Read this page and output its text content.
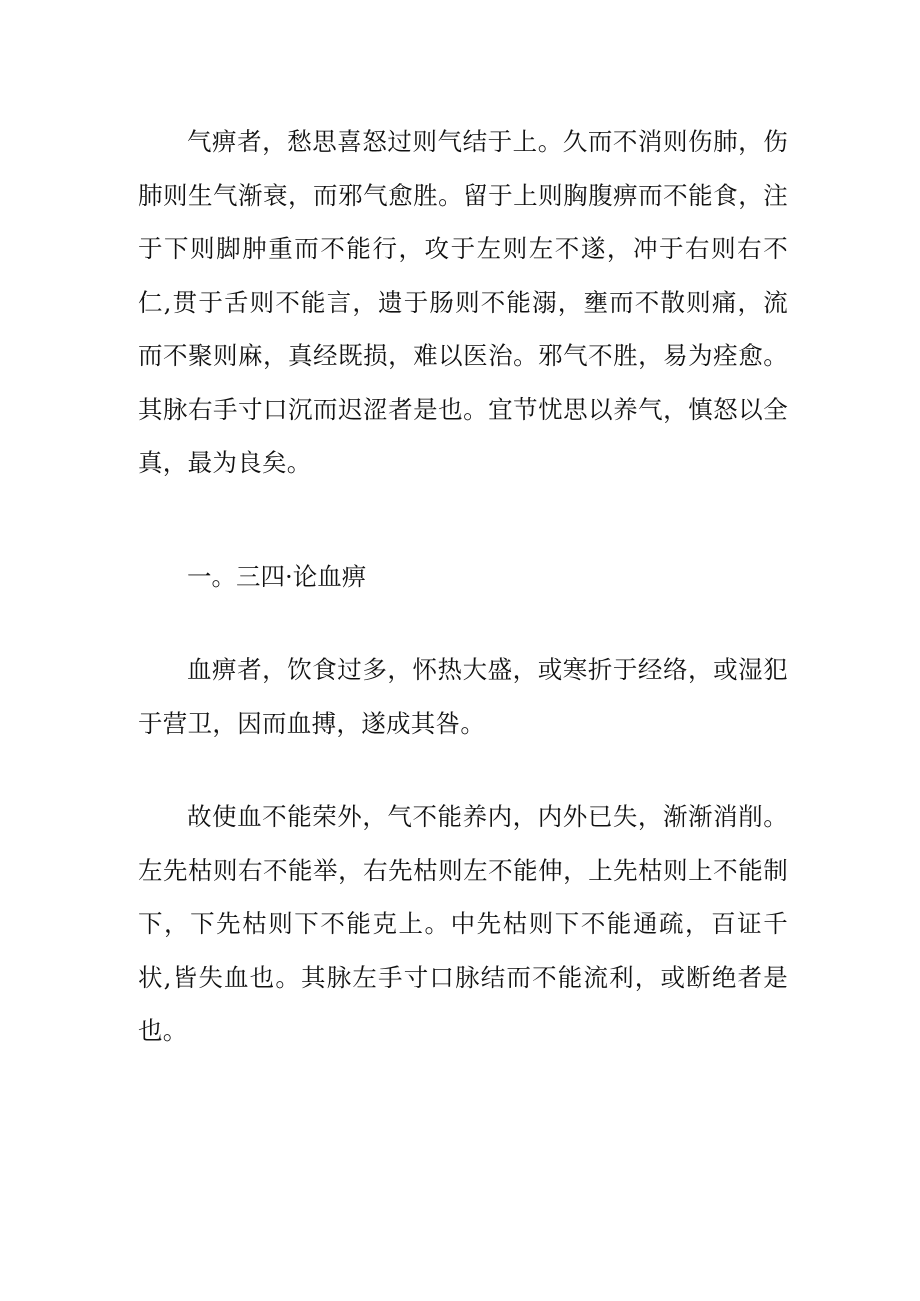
气痹者，愁思喜怒过则气结于上。久而不消则伤肺，伤肺则生气渐衰，而邪气愈胜。留于上则胸腹痹而不能食，注于下则脚肿重而不能行，攻于左则左不遂，冲于右则右不仁,贯于舌则不能言，遗于肠则不能溺，壅而不散则痛，流而不聚则麻，真经既损，难以医治。邪气不胜，易为痊愈。其脉右手寸口沉而迟涩者是也。宜节忧思以养气，慎怒以全真，最为良矣。

一。三四·论血痹

血痹者，饮食过多，怀热大盛，或寒折于经络，或湿犯于营卫，因而血搏，遂成其咎。

故使血不能荣外，气不能养内，内外已失，渐渐消削。左先枯则右不能举，右先枯则左不能伸，上先枯则上不能制下，下先枯则下不能克上。中先枯则下不能通疏，百证千状,皆失血也。其脉左手寸口脉结而不能流利，或断绝者是也。
